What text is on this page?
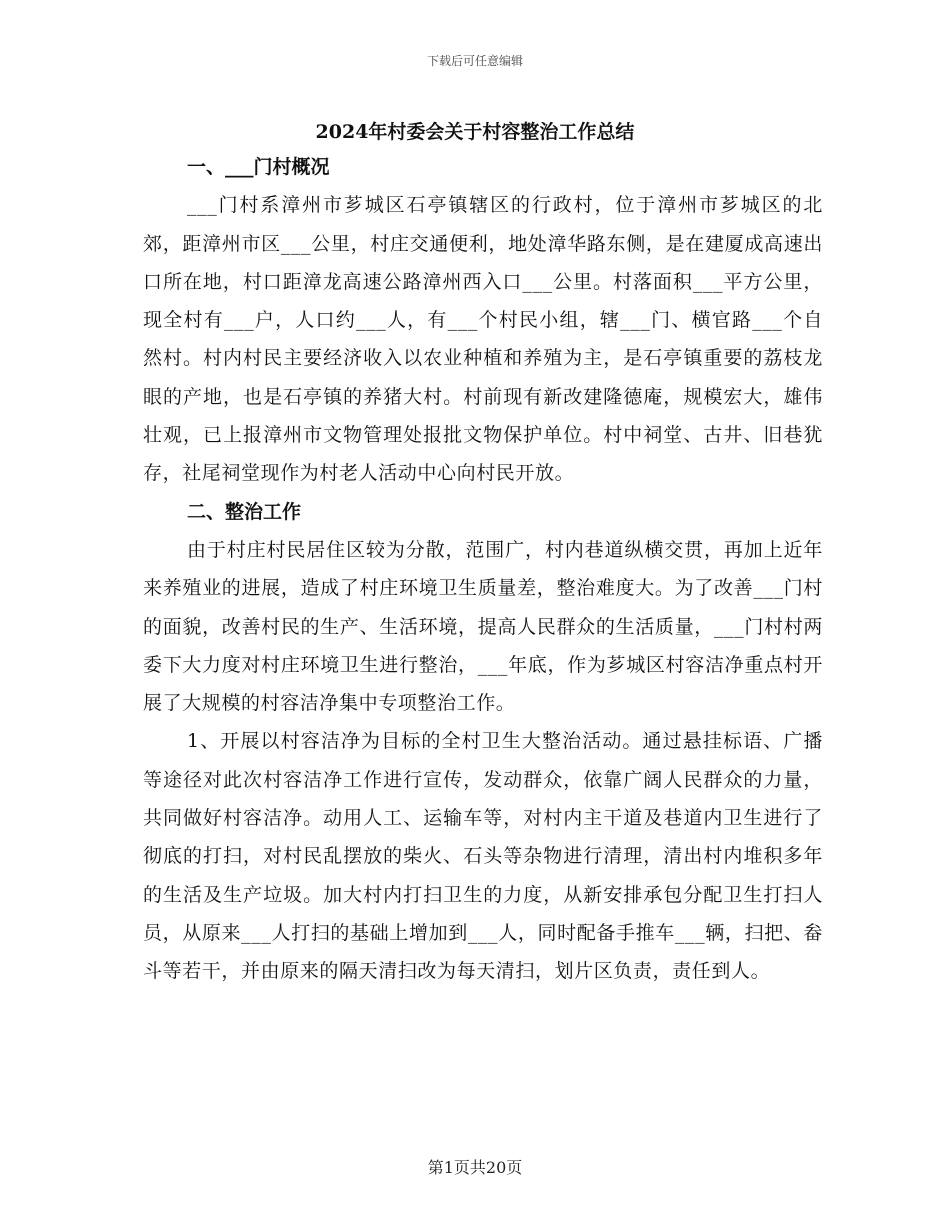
下载后可任意编辑
2024年村委会关于村容整治工作总结

一、___门村概况

___门村系漳州市芗城区石亭镇辖区的行政村，位于漳州市芗城区的北郊，距漳州市区___公里，村庄交通便利，地处漳华路东侧，是在建厦成高速出口所在地，村口距漳龙高速公路漳州西入口___公里。村落面积___平方公里，现全村有___户，人口约___人，有___个村民小组，辖___门、横官路___个自然村。村内村民主要经济收入以农业种植和养殖为主，是石亭镇重要的荔枝龙眼的产地，也是石亭镇的养猪大村。村前现有新改建隆德庵，规模宏大，雄伟壮观，已上报漳州市文物管理处报批文物保护单位。村中祠堂、古井、旧巷犹存，社尾祠堂现作为村老人活动中心向村民开放。

二、整治工作

由于村庄村民居住区较为分散，范围广，村内巷道纵横交贯，再加上近年来养殖业的进展，造成了村庄环境卫生质量差，整治难度大。为了改善___门村的面貌，改善村民的生产、生活环境，提高人民群众的生活质量，___门村村两委下大力度对村庄环境卫生进行整治，___年底，作为芗城区村容洁净重点村开展了大规模的村容洁净集中专项整治工作。

1、开展以村容洁净为目标的全村卫生大整治活动。通过悬挂标语、广播等途径对此次村容洁净工作进行宣传，发动群众，依靠广阔人民群众的力量，共同做好村容洁净。动用人工、运输车等，对村内主干道及巷道内卫生进行了彻底的打扫，对村民乱摆放的柴火、石头等杂物进行清理，清出村内堆积多年的生活及生产垃圾。加大村内打扫卫生的力度，从新安排承包分配卫生打扫人员，从原来___人打扫的基础上增加到___人，同时配备手推车___辆，扫把、畚斗等若干，并由原来的隔天清扫改为每天清扫，划片区负责，责任到人。

第1页共20页
